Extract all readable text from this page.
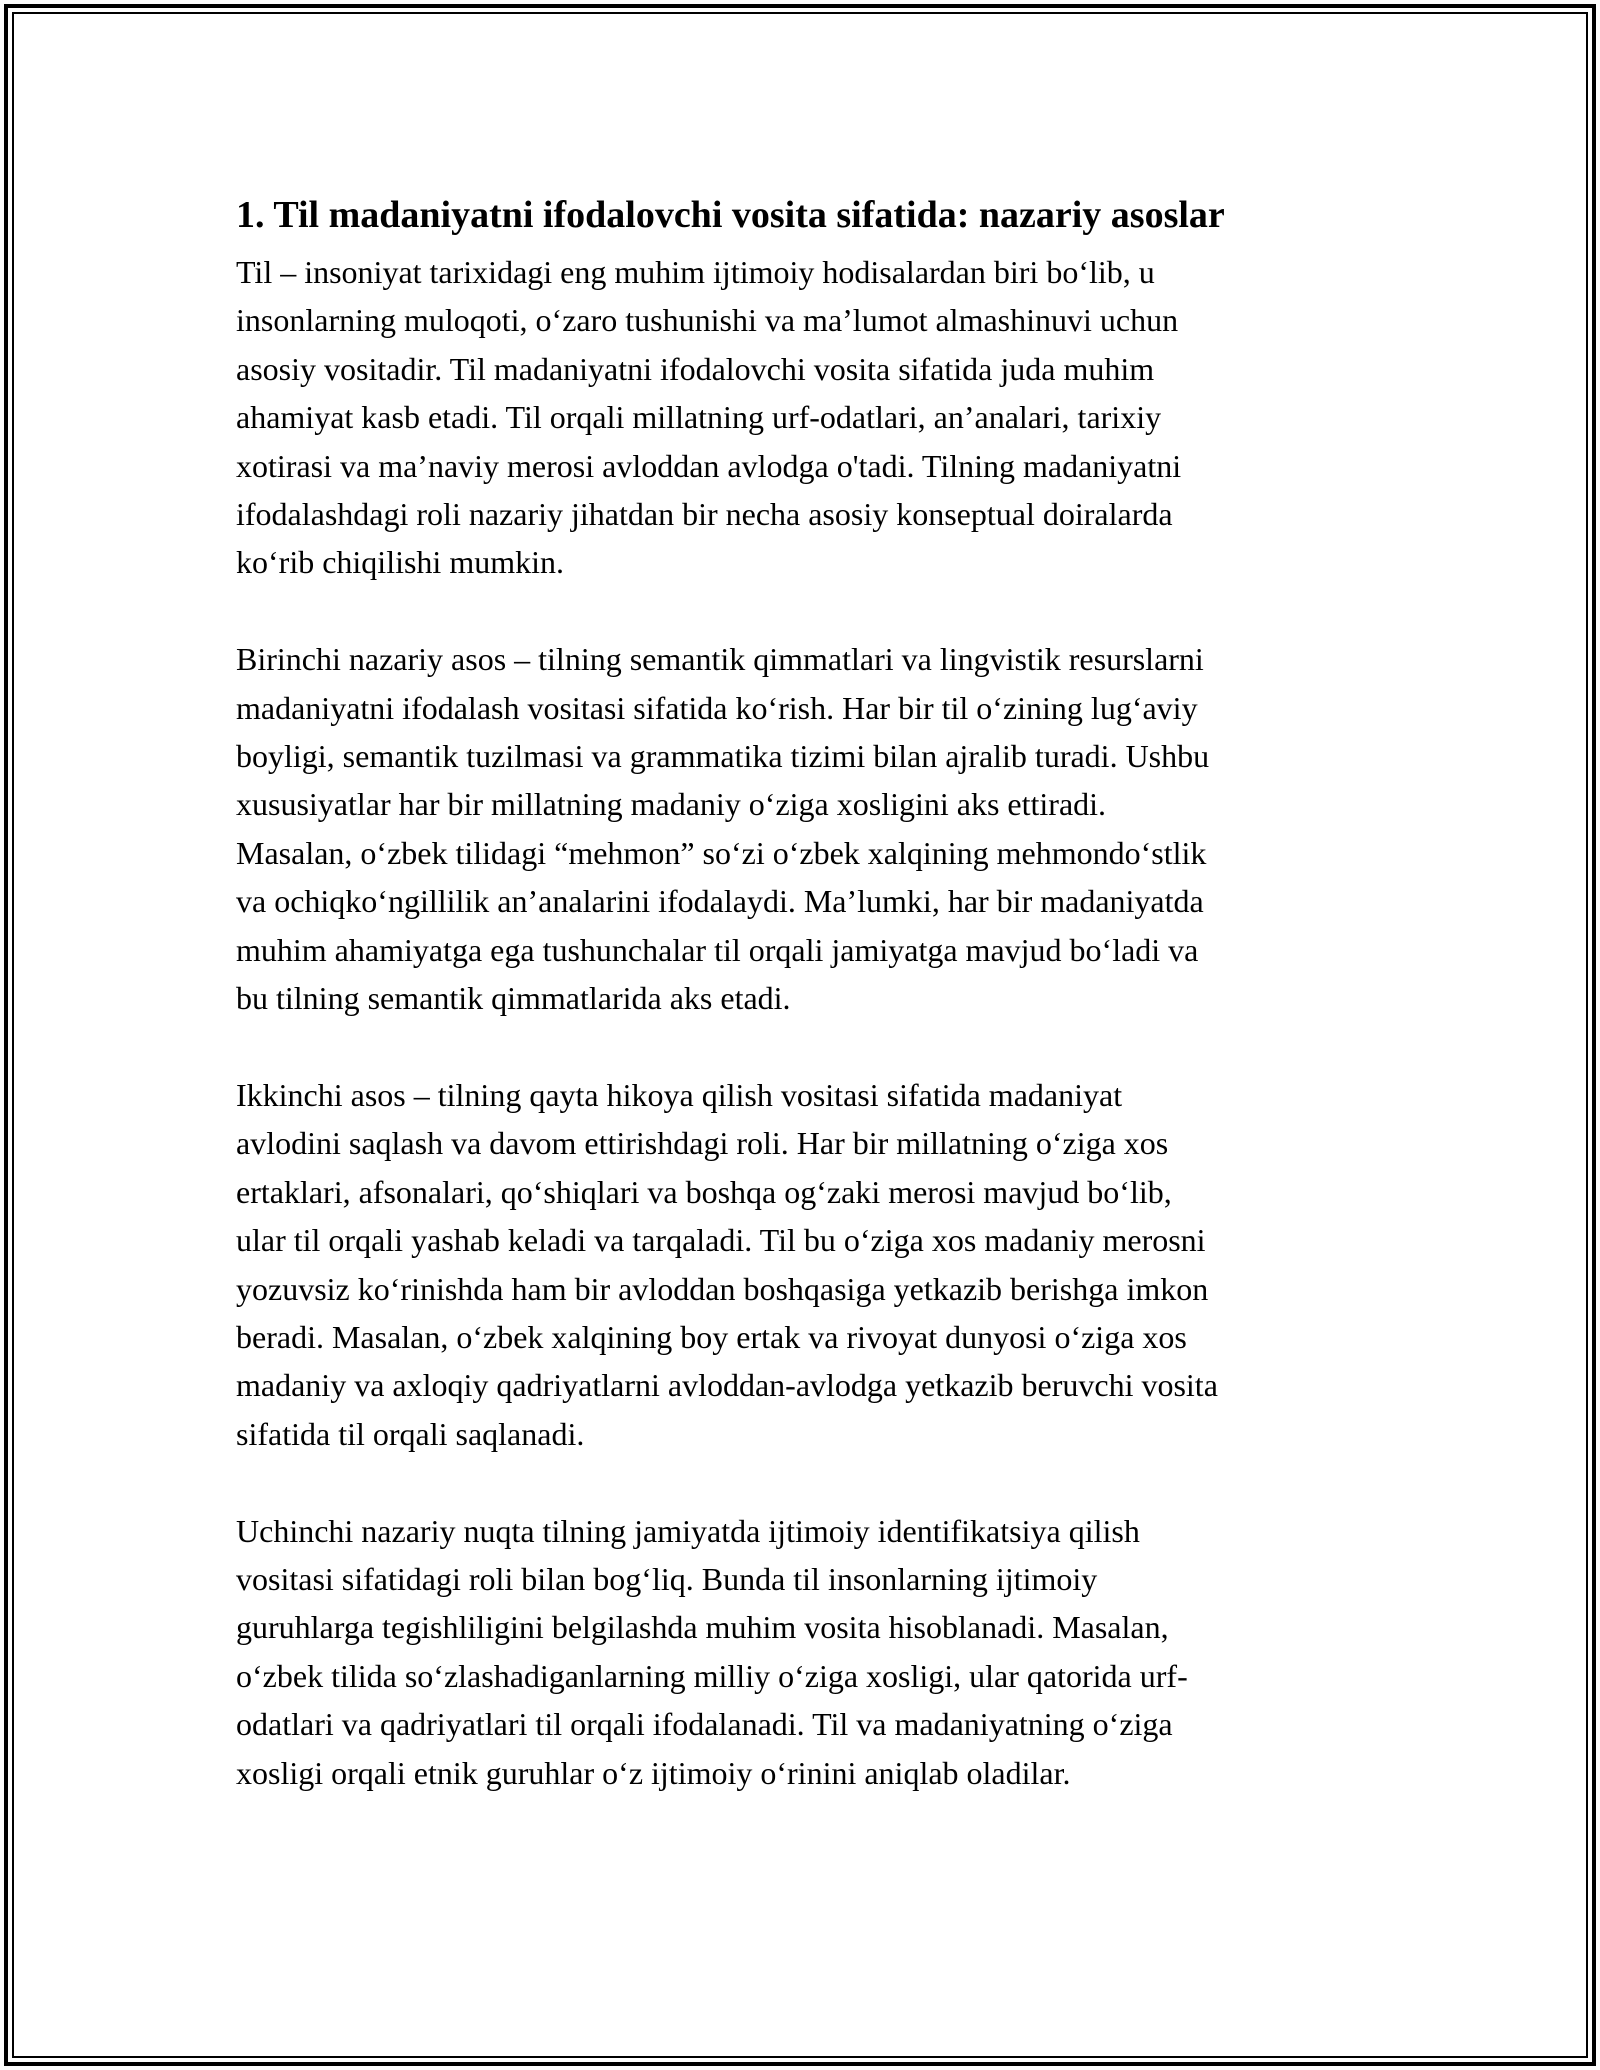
1. Til madaniyatni ifodalovchi vosita sifatida: nazariy asoslar

Til – insoniyat tarixidagi eng muhim ijtimoiy hodisalardan biri bo‘lib, u
insonlarning muloqoti, o‘zaro tushunishi va ma’lumot almashinuvi uchun
asosiy vositadir. Til madaniyatni ifodalovchi vosita sifatida juda muhim
ahamiyat kasb etadi. Til orqali millatning urf-odatlari, an’analari, tarixiy
xotirasi va ma’naviy merosi avloddan avlodga o'tadi. Tilning madaniyatni
ifodalashdagi roli nazariy jihatdan bir necha asosiy konseptual doiralarda
ko‘rib chiqilishi mumkin.

Birinchi nazariy asos – tilning semantik qimmatlari va lingvistik resurslarni
madaniyatni ifodalash vositasi sifatida ko‘rish. Har bir til o‘zining lug‘aviy
boyligi, semantik tuzilmasi va grammatika tizimi bilan ajralib turadi. Ushbu
xususiyatlar har bir millatning madaniy o‘ziga xosligini aks ettiradi.
Masalan, o‘zbek tilidagi “mehmon” so‘zi o‘zbek xalqining mehmondo‘stlik
va ochiqko‘ngillilik an’analarini ifodalaydi. Ma’lumki, har bir madaniyatda
muhim ahamiyatga ega tushunchalar til orqali jamiyatga mavjud bo‘ladi va
bu tilning semantik qimmatlarida aks etadi.

Ikkinchi asos – tilning qayta hikoya qilish vositasi sifatida madaniyat
avlodini saqlash va davom ettirishdagi roli. Har bir millatning o‘ziga xos
ertaklari, afsonalari, qo‘shiqlari va boshqa og‘zaki merosi mavjud bo‘lib,
ular til orqali yashab keladi va tarqaladi. Til bu o‘ziga xos madaniy merosni
yozuvsiz ko‘rinishda ham bir avloddan boshqasiga yetkazib berishga imkon
beradi. Masalan, o‘zbek xalqining boy ertak va rivoyat dunyosi o‘ziga xos
madaniy va axloqiy qadriyatlarni avloddan-avlodga yetkazib beruvchi vosita
sifatida til orqali saqlanadi.

Uchinchi nazariy nuqta tilning jamiyatda ijtimoiy identifikatsiya qilish
vositasi sifatidagi roli bilan bog‘liq. Bunda til insonlarning ijtimoiy
guruhlarga tegishliligini belgilashda muhim vosita hisoblanadi. Masalan,
o‘zbek tilida so‘zlashadiganlarning milliy o‘ziga xosligi, ular qatorida urf-
odatlari va qadriyatlari til orqali ifodalanadi. Til va madaniyatning o‘ziga
xosligi orqali etnik guruhlar o‘z ijtimoiy o‘rinini aniqlab oladilar.
